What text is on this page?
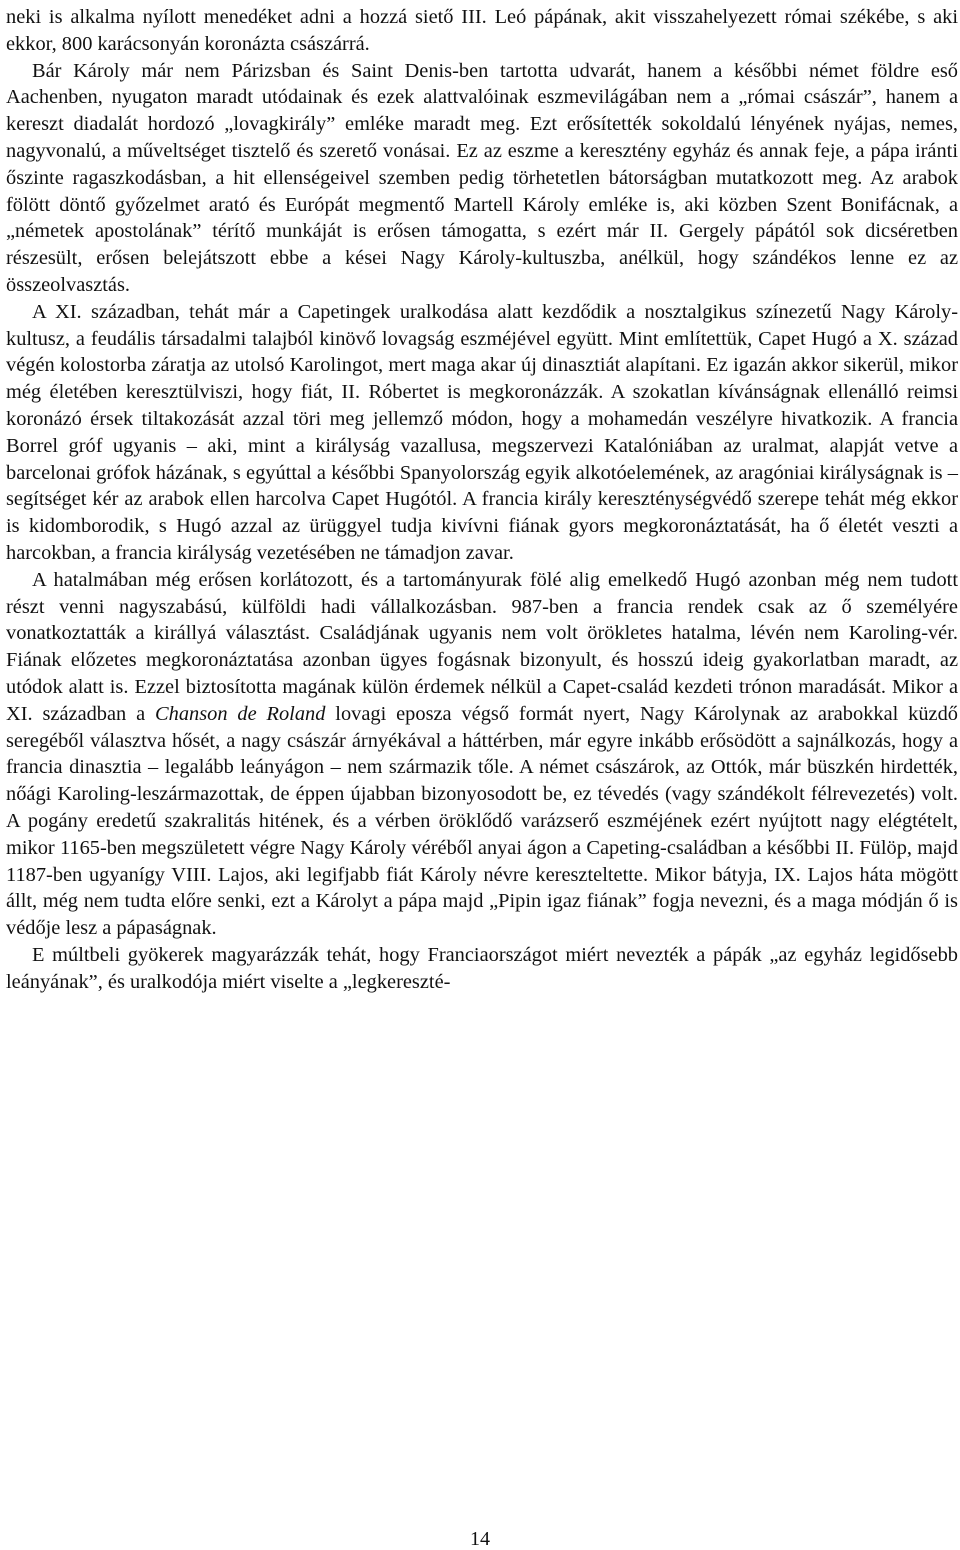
neki is alkalma nyílott menedéket adni a hozzá siető III. Leó pápának, akit visszahelyezett római székébe, s aki ekkor, 800 karácsonyán koronázta császárrá.

Bár Károly már nem Párizsban és Saint Denis-ben tartotta udvarát, hanem a későbbi német földre eső Aachenben, nyugaton maradt utódainak és ezek alattvalóinak eszmevilágában nem a „római császár”, hanem a kereszt diadalát hordozó „lovagkirály” emléke maradt meg. Ezt erősítették sokoldalú lényének nyájas, nemes, nagyvonalú, a műveltséget tisztelő és szerető vonásai. Ez az eszme a keresztény egyház és annak feje, a pápa iránti őszinte ragaszkodásban, a hit ellenségeivel szemben pedig törhetetlen bátorságban mutatkozott meg. Az arabok fölött döntő győzelmet arató és Európát megmentő Martell Károly emléke is, aki közben Szent Bonifácnak, a „németek apostolának” térítő munkáját is erősen támogatta, s ezért már II. Gergely pápától sok dicséretben részesült, erősen belejátszott ebbe a kései Nagy Károly-kultuszba, anélkül, hogy szándékos lenne ez az összeolvasztás.

A XI. században, tehát már a Capetingek uralkodása alatt kezdődik a nosztalgikus színezetű Nagy Károly-kultusz, a feudális társadalmi talajból kinövő lovagság eszméjével együtt. Mint említettük, Capet Hugó a X. század végén kolostorba záratja az utolsó Karolingot, mert maga akar új dinasztiát alapítani. Ez igazán akkor sikerül, mikor még életében keresztülviszi, hogy fiát, II. Róbertet is megkoronázzák. A szokatlan kívánságnak ellenálló reimsi koronázó érsek tiltakozását azzal töri meg jellemző módon, hogy a mohamedán veszélyre hivatkozik. A francia Borrel gróf ugyanis – aki, mint a királyság vazallusa, megszervezi Katalóniában az uralmat, alapját vetve a barcelonai grófok házának, s egyúttal a későbbi Spanyolország egyik alkotóelemének, az aragóniai királyságnak is – segítséget kér az arabok ellen harcolva Capet Hugótól. A francia király kereszténységvédő szerepe tehát még ekkor is kidomborodik, s Hugó azzal az ürüggyel tudja kivívni fiának gyors megkoronáztatását, ha ő életét veszti a harcokban, a francia királyság vezetésében ne támadjon zavar.

A hatalmában még erősen korlátozott, és a tartományurak fölé alig emelkedő Hugó azonban még nem tudott részt venni nagyszabású, külföldi hadi vállalkozásban. 987-ben a francia rendek csak az ő személyére vonatkoztatták a királlyá választást. Családjának ugyanis nem volt örökletes hatalma, lévén nem Karoling-vér. Fiának előzetes megkoronáztatása azonban ügyes fogásnak bizonyult, és hosszú ideig gyakorlatban maradt, az utódok alatt is. Ezzel biztosította magának külön érdemek nélkül a Capet-család kezdeti trónon maradását. Mikor a XI. században a Chanson de Roland lovagi eposza végső formát nyert, Nagy Károlynak az arabokkal küzdő seregéből választva hősét, a nagy császár árnyékával a háttérben, már egyre inkább erősödött a sajnálkozás, hogy a francia dinasztia – legalább leányágon – nem származik tőle. A német császárok, az Ottók, már büszkén hirdették, nőági Karoling-leszármazottak, de éppen újabban bizonyosodott be, ez tévedés (vagy szándékolt félrevezetés) volt. A pogány eredetű szakralitás hitének, és a vérben öröklődő varázserő eszméjének ezért nyújtott nagy elégtételt, mikor 1165-ben megszületett végre Nagy Károly véréből anyai ágon a Capeting-családban a későbbi II. Fülöp, majd 1187-ben ugyanígy VIII. Lajos, aki legifjabb fiát Károly névre kereszteltette. Mikor bátyja, IX. Lajos háta mögött állt, még nem tudta előre senki, ezt a Károlyt a pápa majd „Pipin igaz fiának” fogja nevezni, és a maga módján ő is védője lesz a pápaságnak.

E múltbeli gyökerek magyarázzák tehát, hogy Franciaországot miért nevezték a pápák „az egyház legidősebb leányának”, és uralkodója miért viselte a „legkereszté-

14
